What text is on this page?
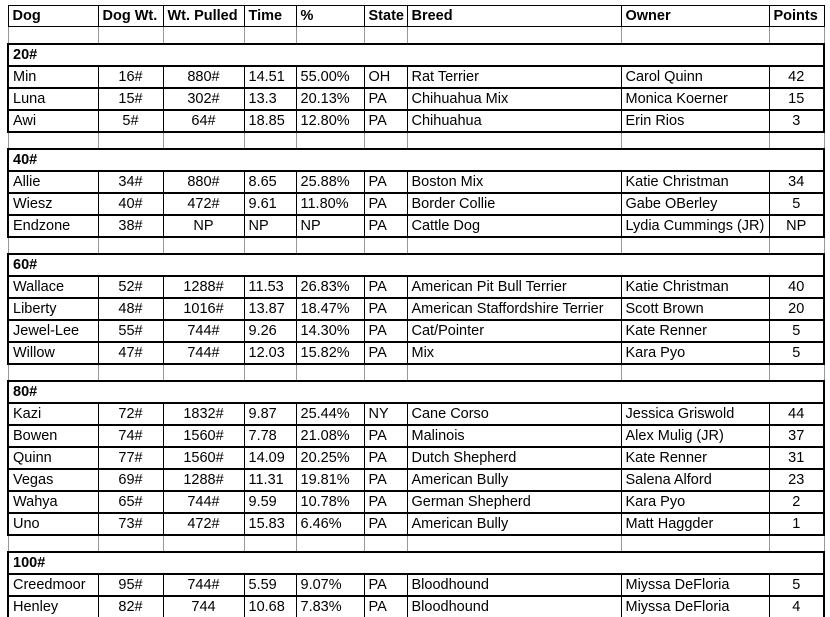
Dog	Dog Wt.	Wt. Pulled	Time	%	State	Breed	Owner	Points

20#								
Min	16#	880#	14.51	55.00%	OH	Rat Terrier	Carol Quinn	42
Luna	15#	302#	13.3	20.13%	PA	Chihuahua Mix	Monica Koerner	15
Awi	5#	64#	18.85	12.80%	PA	Chihuahua	Erin Rios	3

40#								
Allie	34#	880#	8.65	25.88%	PA	Boston Mix	Katie Christman	34
Wiesz	40#	472#	9.61	11.80%	PA	Border Collie	Gabe OBerley	5
Endzone	38#	NP	NP	NP	PA	Cattle Dog	Lydia Cummings (JR)	NP

60#								
Wallace	52#	1288#	11.53	26.83%	PA	American Pit Bull Terrier	Katie Christman	40
Liberty	48#	1016#	13.87	18.47%	PA	American Staffordshire Terrier	Scott Brown	20
Jewel-Lee	55#	744#	9.26	14.30%	PA	Cat/Pointer	Kate Renner	5
Willow	47#	744#	12.03	15.82%	PA	Mix	Kara Pyo	5

80#								
Kazi	72#	1832#	9.87	25.44%	NY	Cane Corso	Jessica Griswold	44
Bowen	74#	1560#	7.78	21.08%	PA	Malinois	Alex Mulig (JR)	37
Quinn	77#	1560#	14.09	20.25%	PA	Dutch Shepherd	Kate Renner	31
Vegas	69#	1288#	11.31	19.81%	PA	American Bully	Salena Alford	23
Wahya	65#	744#	9.59	10.78%	PA	German Shepherd	Kara Pyo	2
Uno	73#	472#	15.83	6.46%	PA	American Bully	Matt Haggder	1

100#								
Creedmoor	95#	744#	5.59	9.07%	PA	Bloodhound	Miyssa DeFloria	5
Henley	82#	744	10.68	7.83%	PA	Bloodhound	Miyssa DeFloria	4
